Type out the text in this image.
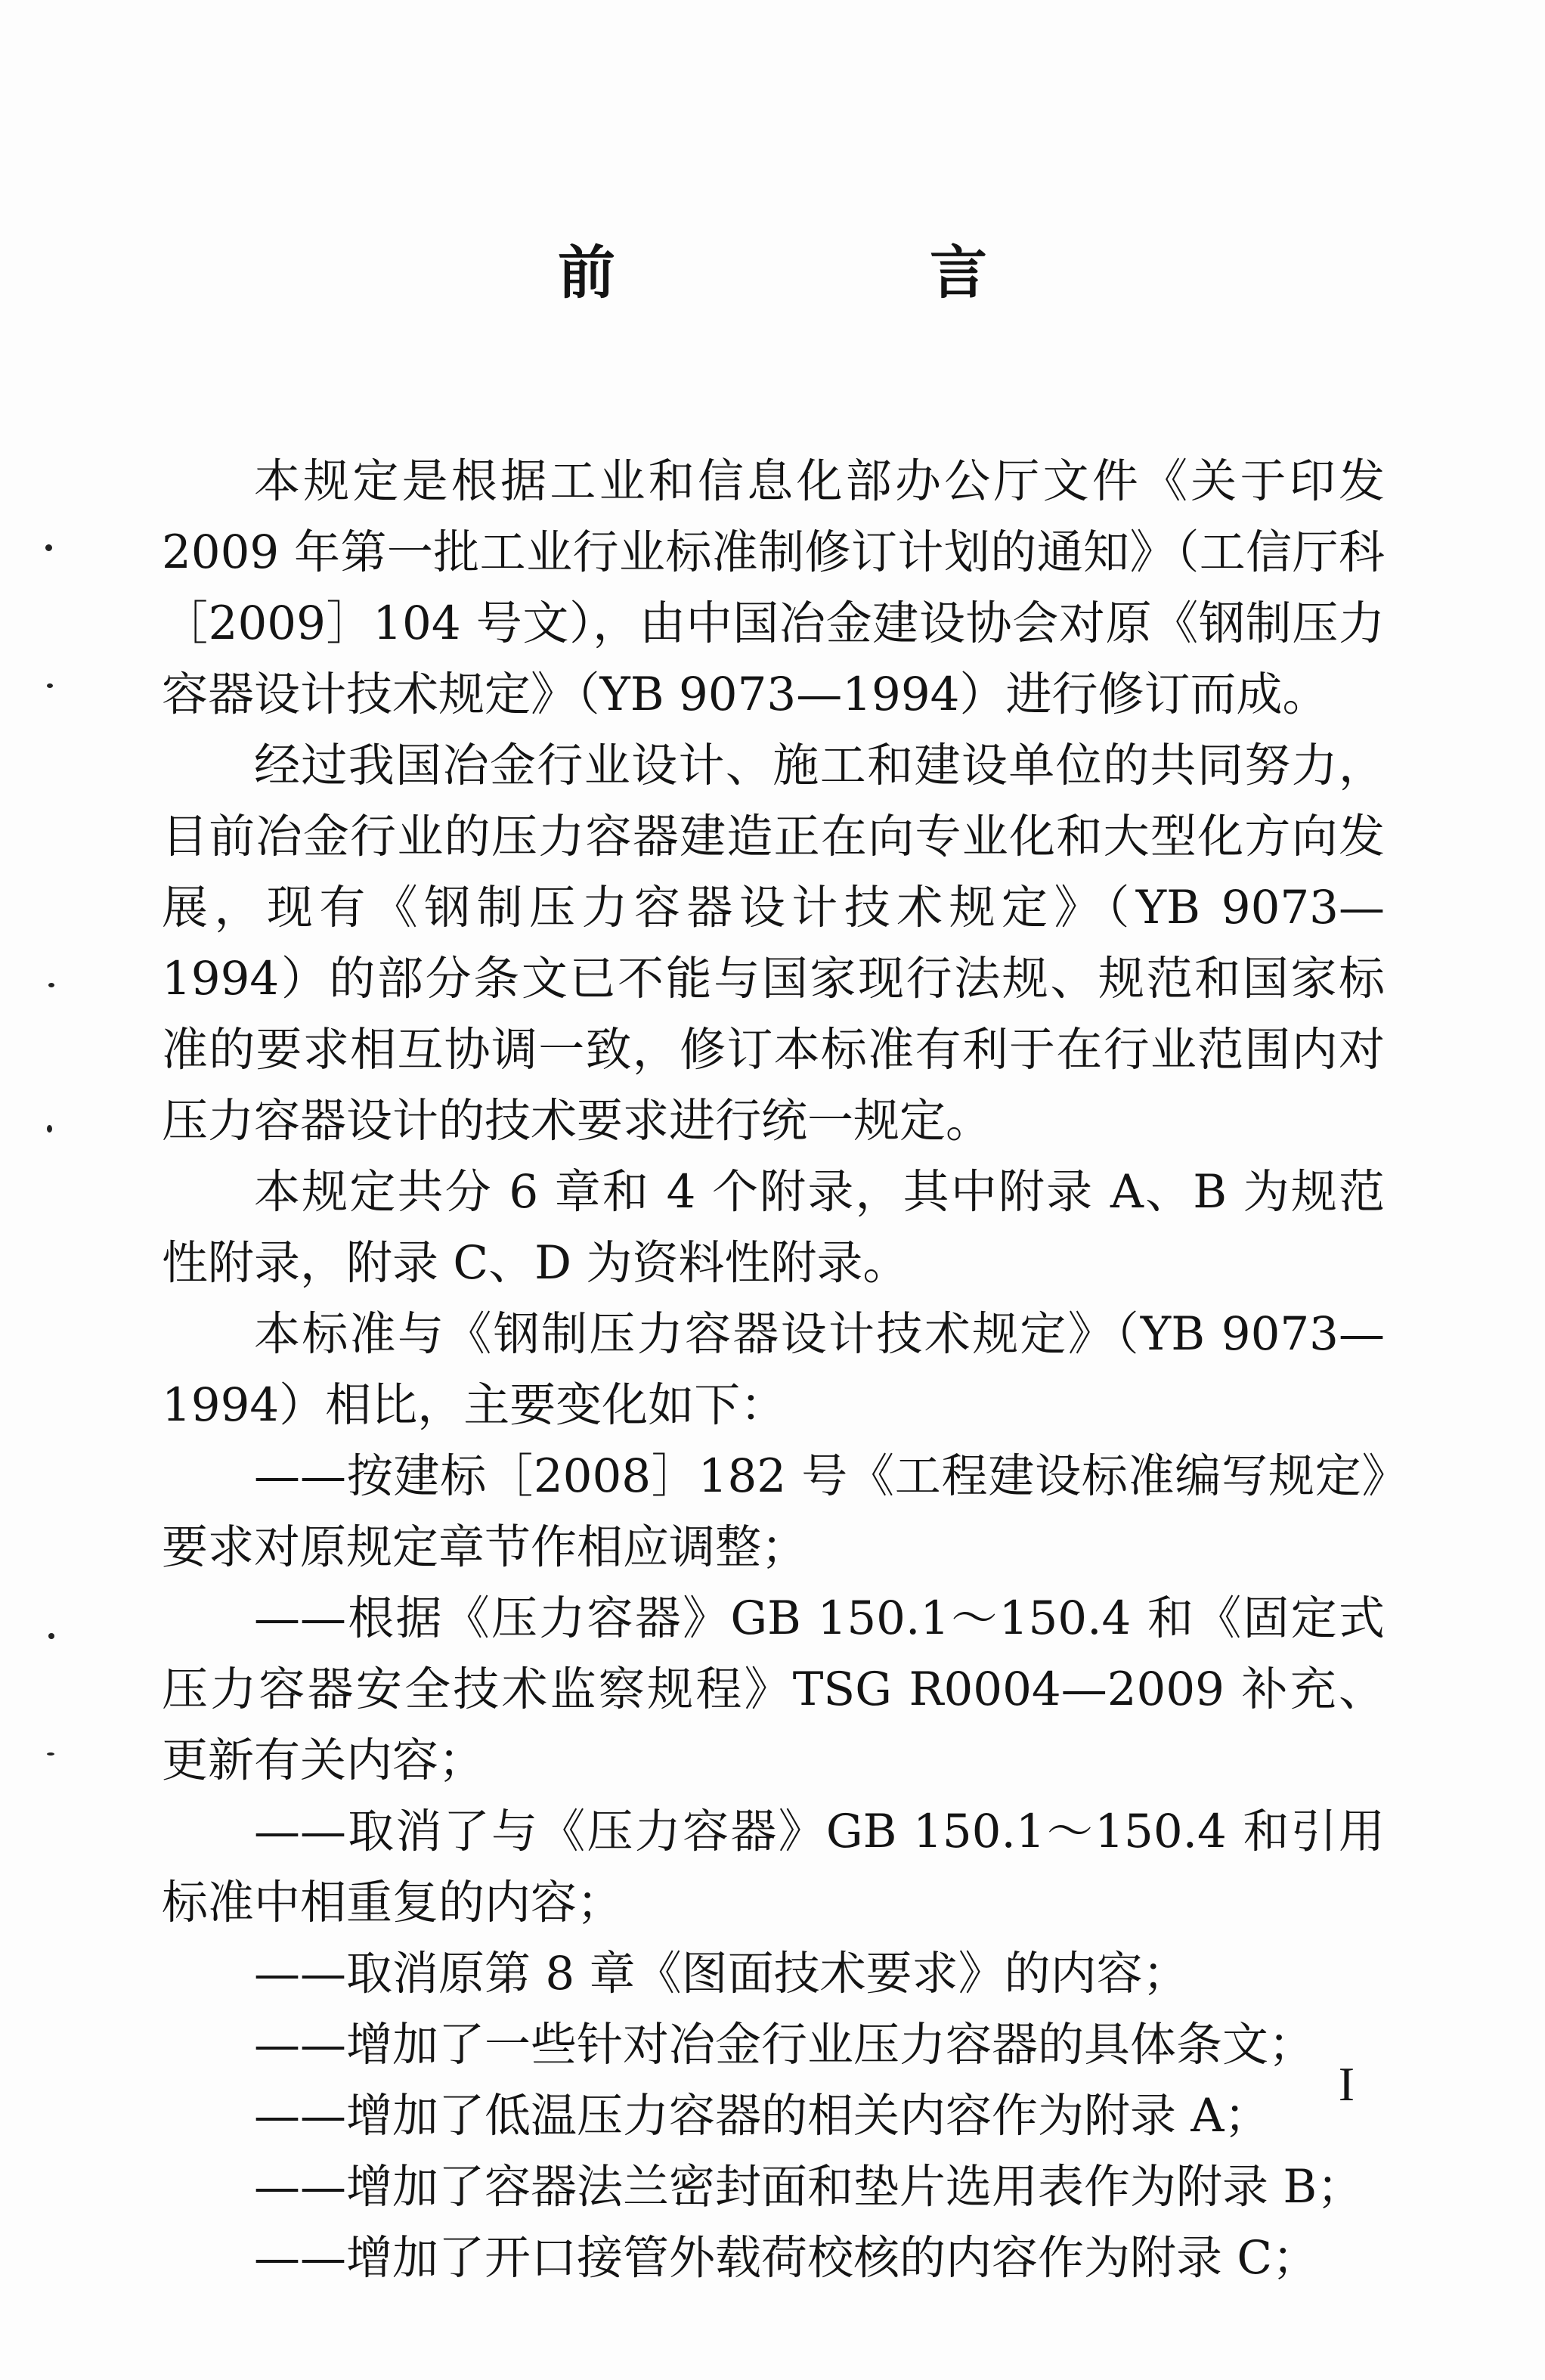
前　言

本规定是根据工业和信息化部办公厅文件《关于印发 2009 年第一批工业行业标准制修订计划的通知》（工信厅科［2009］104 号文），由中国冶金建设协会对原《钢制压力容器设计技术规定》（YB 9073—1994）进行修订而成。

经过我国冶金行业设计、施工和建设单位的共同努力，目前冶金行业的压力容器建造正在向专业化和大型化方向发展，现有《钢制压力容器设计技术规定》（YB 9073—1994）的部分条文已不能与国家现行法规、规范和国家标准的要求相互协调一致，修订本标准有利于在行业范围内对压力容器设计的技术要求进行统一规定。

本规定共分 6 章和 4 个附录，其中附录 A、B 为规范性附录，附录 C、D 为资料性附录。

本标准与《钢制压力容器设计技术规定》（YB 9073—1994）相比，主要变化如下：

——按建标［2008］182 号《工程建设标准编写规定》要求对原规定章节作相应调整；

——根据《压力容器》GB 150.1～150.4 和《固定式压力容器安全技术监察规程》TSG R0004—2009 补充、更新有关内容；

——取消了与《压力容器》GB 150.1～150.4 和引用标准中相重复的内容；

——取消原第 8 章《图面技术要求》的内容；

——增加了一些针对冶金行业压力容器的具体条文；

——增加了低温压力容器的相关内容作为附录 A；

——增加了容器法兰密封面和垫片选用表作为附录 B；

——增加了开口接管外载荷校核的内容作为附录 C；

I
